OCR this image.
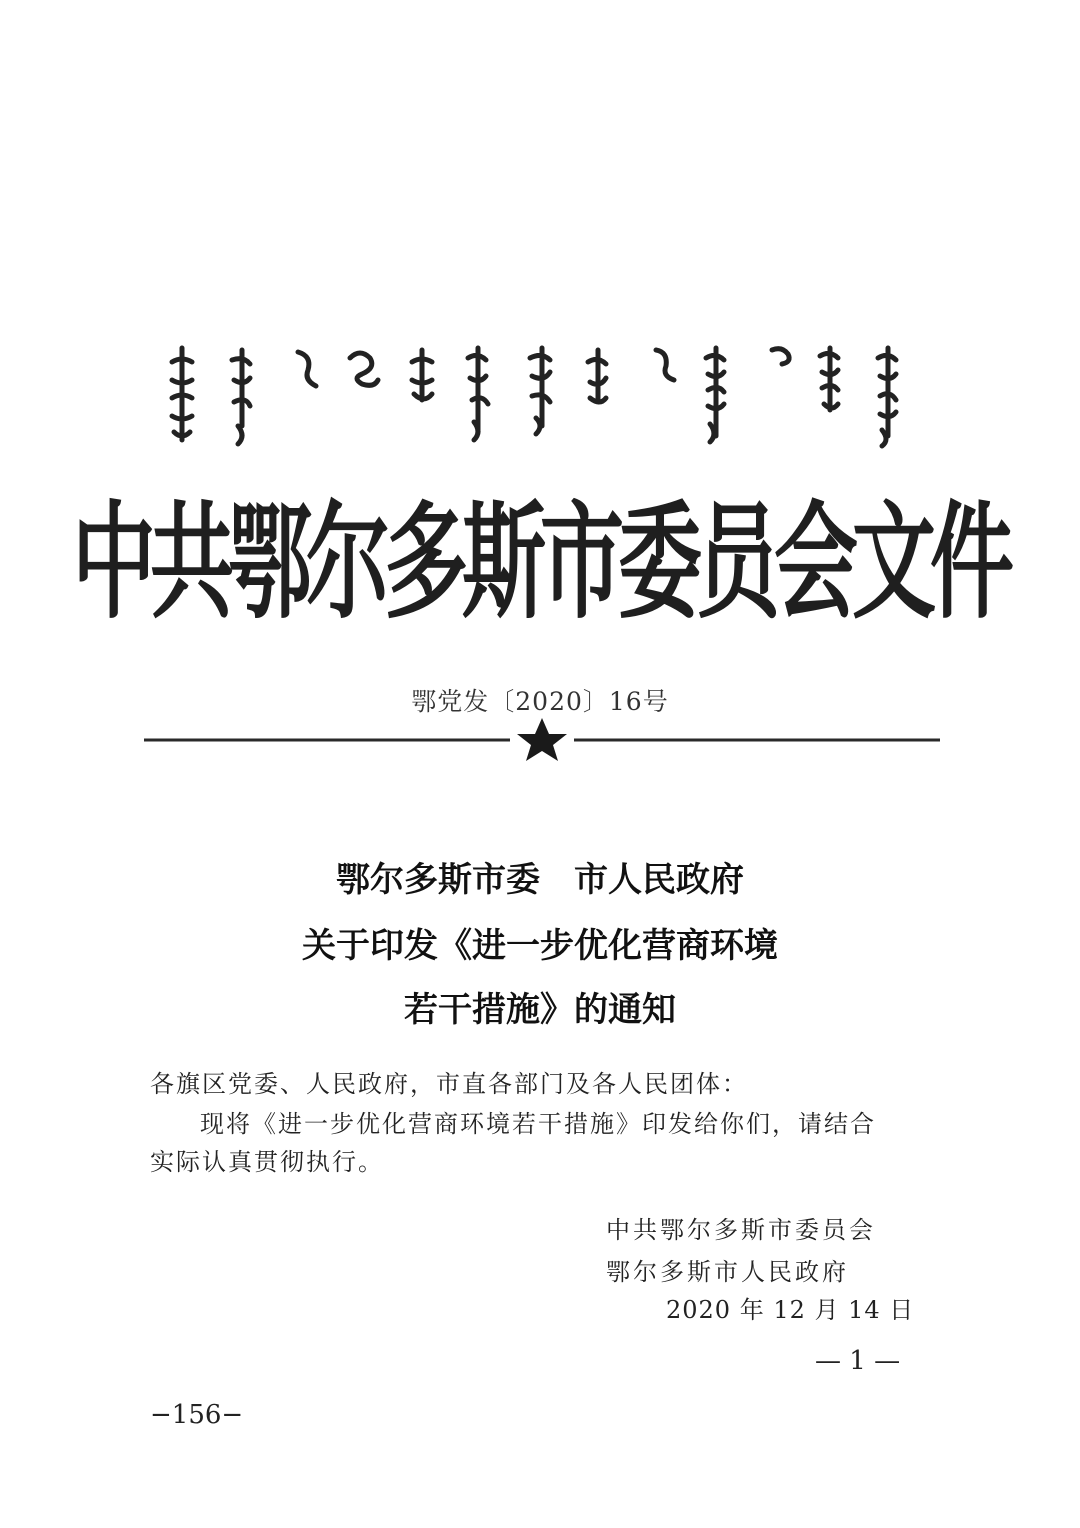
中共鄂尔多斯市委员会文件
鄂党发〔2020〕16号
鄂尔多斯市委　市人民政府
关于印发《进一步优化营商环境
若干措施》的通知
各旗区党委、人民政府，市直各部门及各人民团体：
现将《进一步优化营商环境若干措施》印发给你们，请结合
实际认真贯彻执行。
中共鄂尔多斯市委员会
鄂尔多斯市人民政府
2020 年 12 月 14 日
— 1 —
−156−
